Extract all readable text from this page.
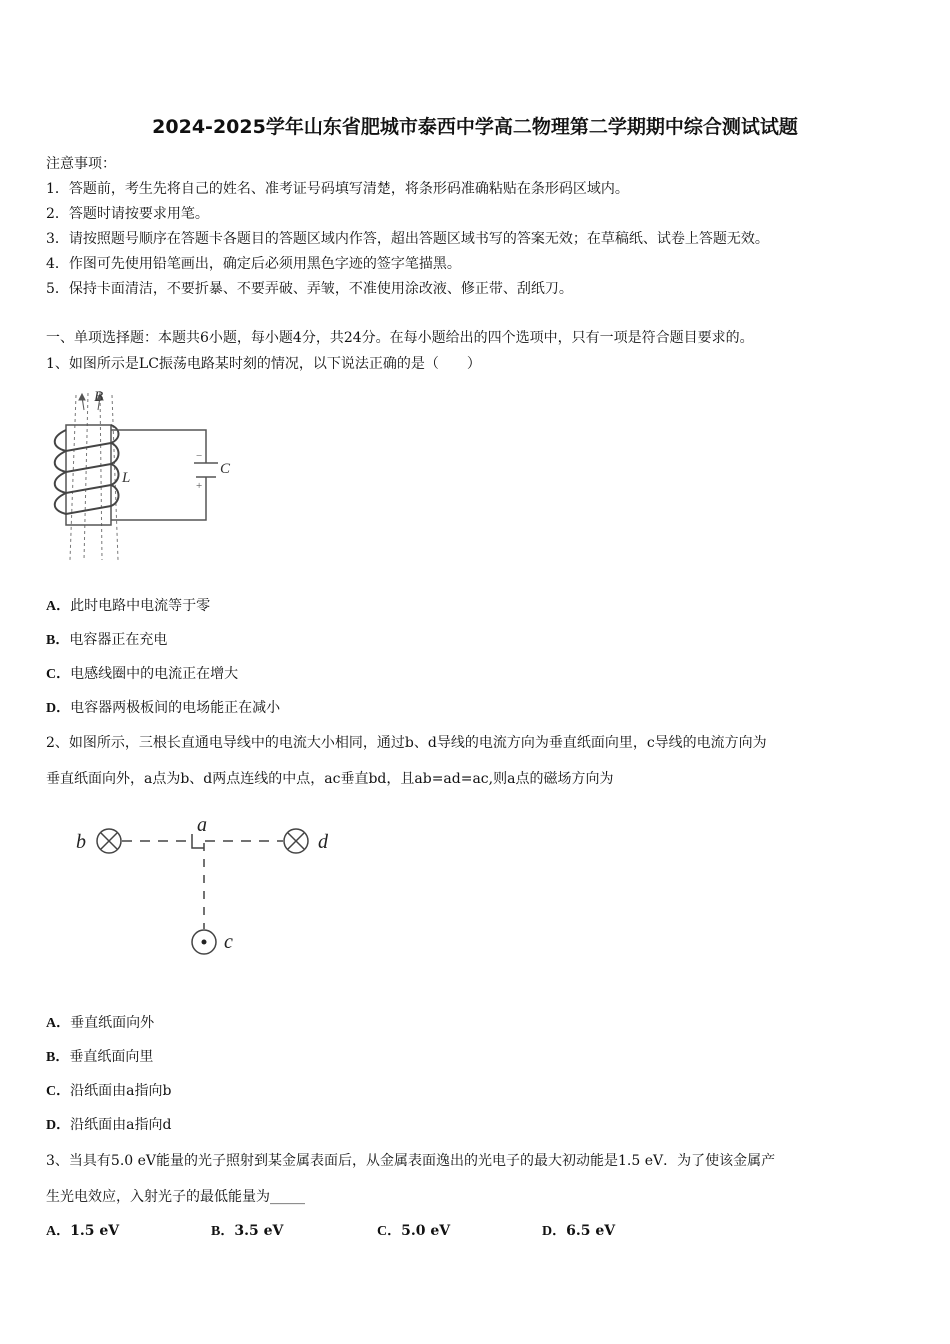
2024-2025学年山东省肥城市泰西中学高二物理第二学期期中综合测试试题
注意事项：
1．答题前，考生先将自己的姓名、准考证号码填写清楚，将条形码准确粘贴在条形码区域内。
2．答题时请按要求用笔。
3．请按照题号顺序在答题卡各题目的答题区域内作答，超出答题区域书写的答案无效；在草稿纸、试卷上答题无效。
4．作图可先使用铅笔画出，确定后必须用黑色字迹的签字笔描黑。
5．保持卡面清洁，不要折暴、不要弄破、弄皱，不准使用涂改液、修正带、刮纸刀。
一、单项选择题：本题共6小题，每小题4分，共24分。在每小题给出的四个选项中，只有一项是符合题目要求的。
1、如图所示是LC振荡电路某时刻的情况，以下说法正确的是（　　）
−
+
B
L
C
A．此时电路中电流等于零
B．电容器正在充电
C．电感线圈中的电流正在增大
D．电容器两极板间的电场能正在减小
2、如图所示，三根长直通电导线中的电流大小相同，通过b、d导线的电流方向为垂直纸面向里，c导线的电流方向为
垂直纸面向外，a点为b、d两点连线的中点，ac垂直bd，且ab=ad=ac,则a点的磁场方向为
b
a
d
c
A．垂直纸面向外
B．垂直纸面向里
C．沿纸面由a指向b
D．沿纸面由a指向d
3、当具有5.0 eV能量的光子照射到某金属表面后，从金属表面逸出的光电子的最大初动能是1.5 eV．为了使该金属产
生光电效应，入射光子的最低能量为_____
A．1.5 eV	B．3.5 eV	C．5.0 eV	D．6.5 eV
